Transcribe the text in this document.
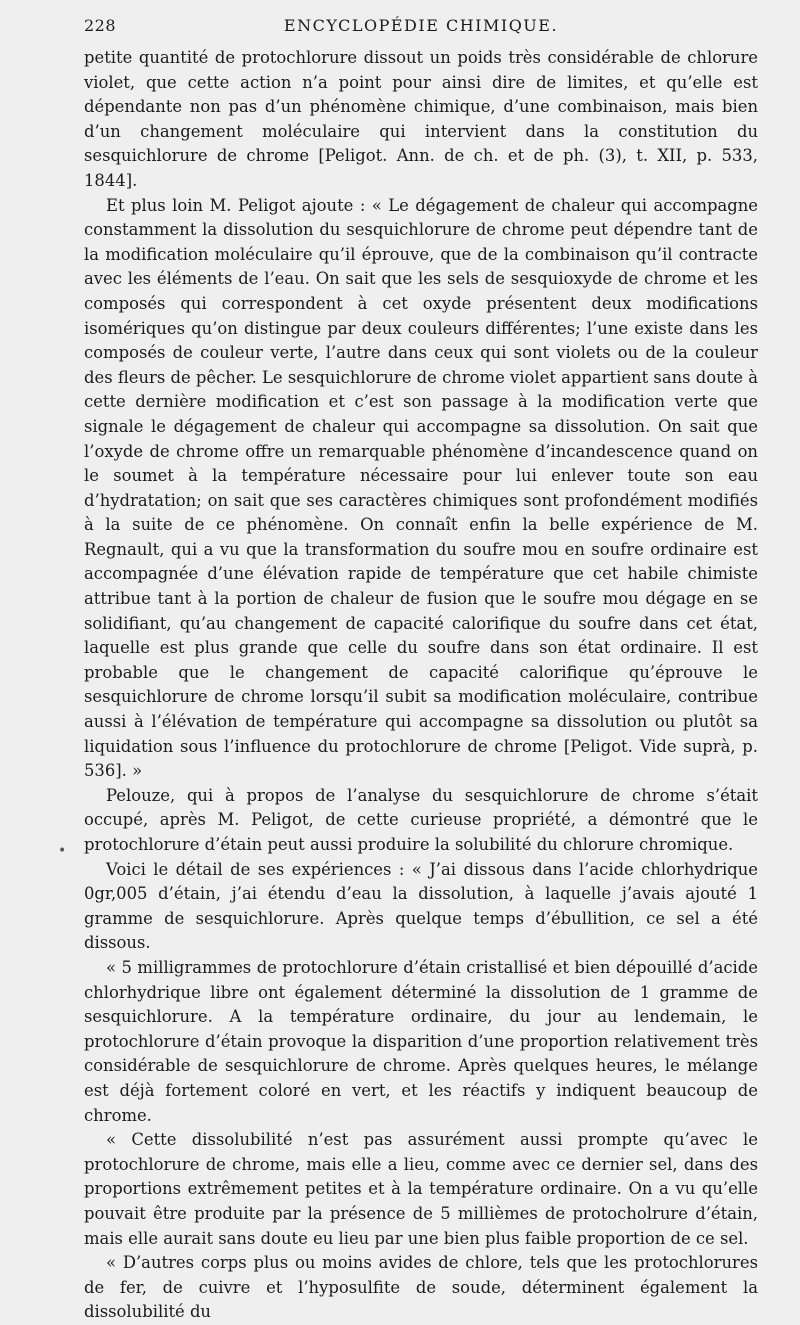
228	ENCYCLOPÉDIE CHIMIQUE.

petite quantité de protochlorure dissout un poids très considérable de chlorure violet, que cette action n’a point pour ainsi dire de limites, et qu’elle est dépendante non pas d’un phénomène chimique, d’une combinaison, mais bien d’un changement moléculaire qui intervient dans la constitution du sesquichlorure de chrome [Peligot. Ann. de ch. et de ph. (3), t. XII, p. 533, 1844].

Et plus loin M. Peligot ajoute : « Le dégagement de chaleur qui accompagne constamment la dissolution du sesquichlorure de chrome peut dépendre tant de la modification moléculaire qu’il éprouve, que de la combinaison qu’il contracte avec les éléments de l’eau. On sait que les sels de sesquioxyde de chrome et les composés qui correspondent à cet oxyde présentent deux modifications isomériques qu’on distingue par deux couleurs différentes; l’une existe dans les composés de couleur verte, l’autre dans ceux qui sont violets ou de la couleur des fleurs de pêcher. Le sesquichlorure de chrome violet appartient sans doute à cette dernière modification et c’est son passage à la modification verte que signale le dégagement de chaleur qui accompagne sa dissolution. On sait que l’oxyde de chrome offre un remarquable phénomène d’incandescence quand on le soumet à la température nécessaire pour lui enlever toute son eau d’hydratation; on sait que ses caractères chimiques sont profondément modifiés à la suite de ce phénomène. On connaît enfin la belle expérience de M. Regnault, qui a vu que la transformation du soufre mou en soufre ordinaire est accompagnée d’une élévation rapide de température que cet habile chimiste attribue tant à la portion de chaleur de fusion que le soufre mou dégage en se solidifiant, qu’au changement de capacité calorifique du soufre dans cet état, laquelle est plus grande que celle du soufre dans son état ordinaire. Il est probable que le changement de capacité calorifique qu’éprouve le sesquichlorure de chrome lorsqu’il subit sa modification moléculaire, contribue aussi à l’élévation de température qui accompagne sa dissolution ou plutôt sa liquidation sous l’influence du protochlorure de chrome [Peligot. Vide suprà, p. 536]. »

Pelouze, qui à propos de l’analyse du sesquichlorure de chrome s’était occupé, après M. Peligot, de cette curieuse propriété, a démontré que le protochlorure d’étain peut aussi produire la solubilité du chlorure chromique.

Voici le détail de ses expériences : « J’ai dissous dans l’acide chlorhydrique 0gr,005 d’étain, j’ai étendu d’eau la dissolution, à laquelle j’avais ajouté 1 gramme de sesquichlorure. Après quelque temps d’ébullition, ce sel a été dissous.

« 5 milligrammes de protochlorure d’étain cristallisé et bien dépouillé d’acide chlorhydrique libre ont également déterminé la dissolution de 1 gramme de sesquichlorure. A la température ordinaire, du jour au lendemain, le protochlorure d’étain provoque la disparition d’une proportion relativement très considérable de sesquichlorure de chrome. Après quelques heures, le mélange est déjà fortement coloré en vert, et les réactifs y indiquent beaucoup de chrome.

« Cette dissolubilité n’est pas assurément aussi prompte qu’avec le protochlorure de chrome, mais elle a lieu, comme avec ce dernier sel, dans des proportions extrêmement petites et à la température ordinaire. On a vu qu’elle pouvait être produite par la présence de 5 millièmes de protocholrure d’étain, mais elle aurait sans doute eu lieu par une bien plus faible proportion de ce sel.

« D’autres corps plus ou moins avides de chlore, tels que les protochlorures de fer, de cuivre et l’hyposulfite de soude, déterminent également la dissolubilité du

•
